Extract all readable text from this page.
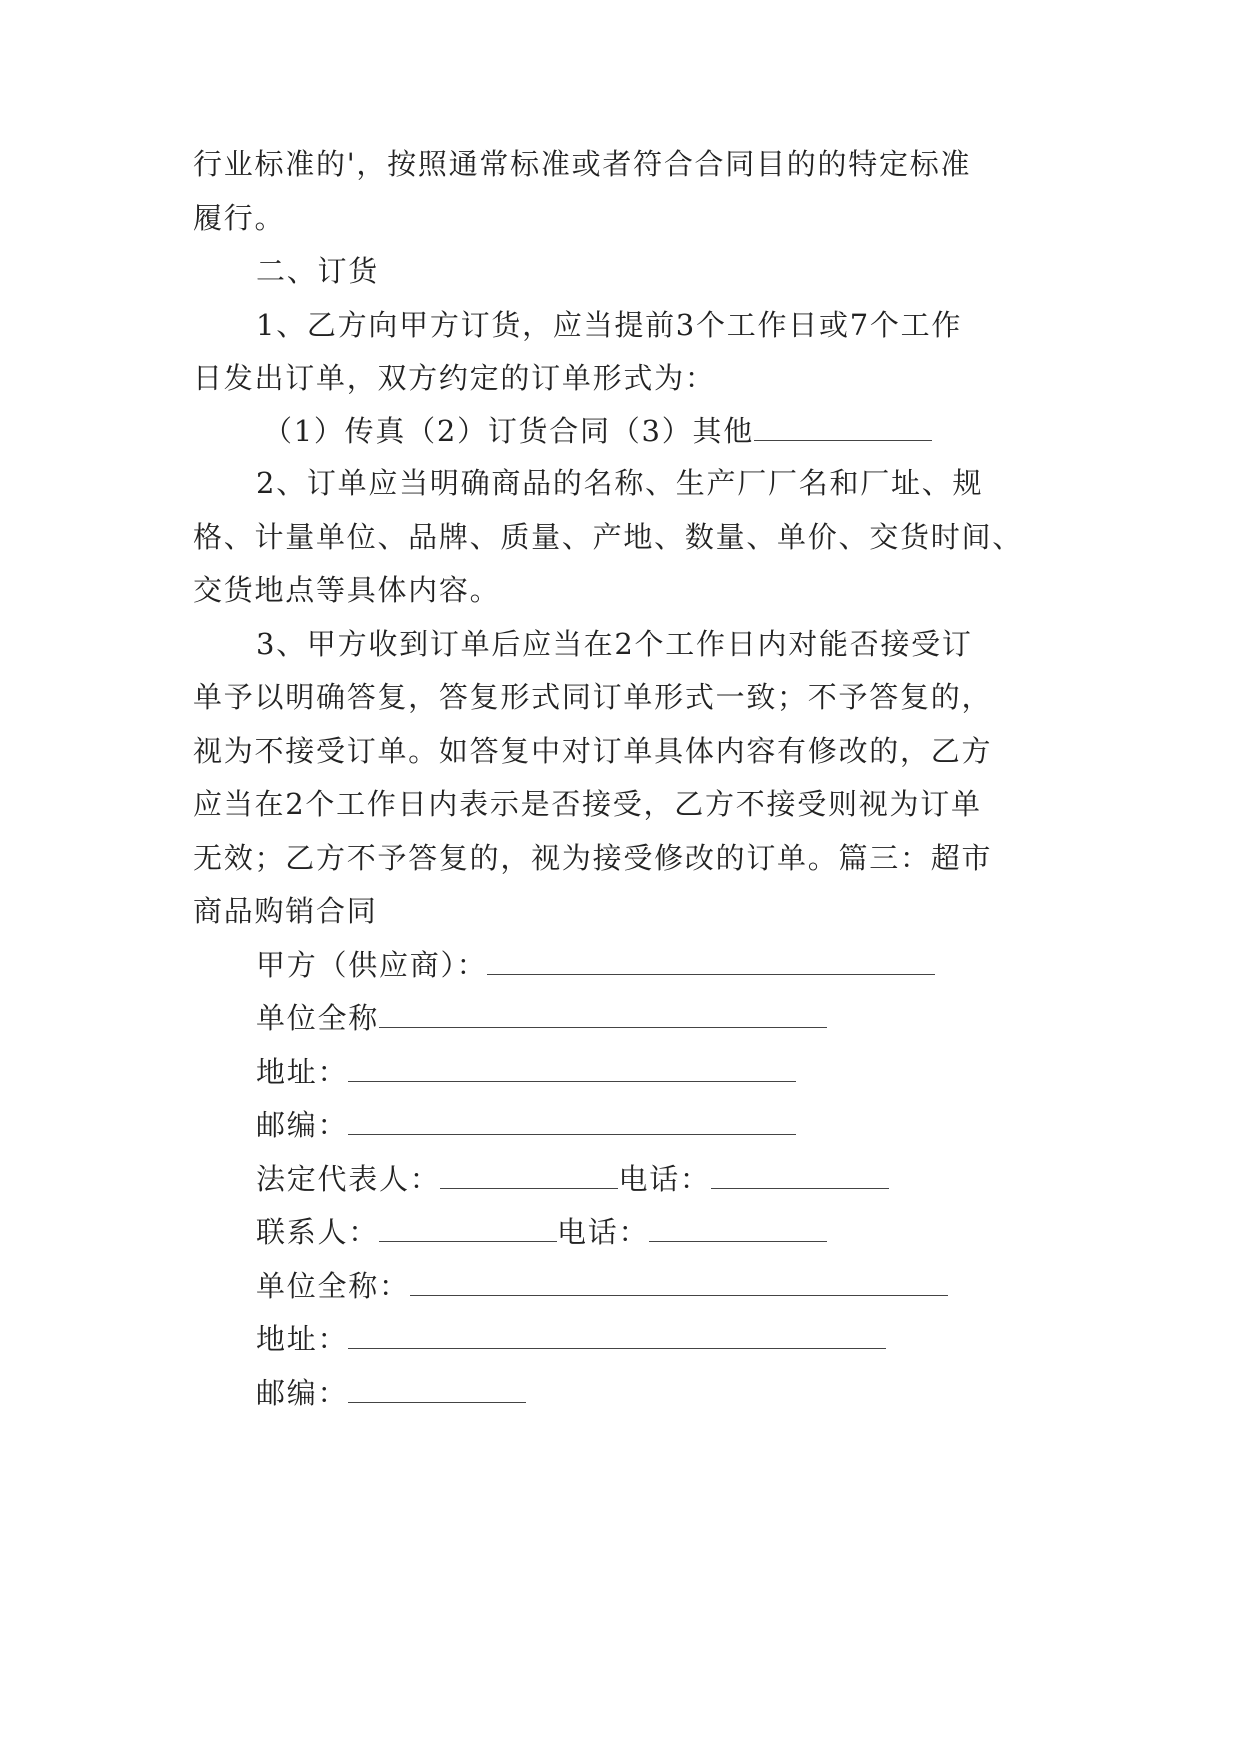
行业标准的'，按照通常标准或者符合合同目的的特定标准
履行。
二、订货
1、乙方向甲方订货，应当提前3个工作日或7个工作
日发出订单，双方约定的订单形式为：
（1）传真（2）订货合同（3）其他
2、订单应当明确商品的名称、生产厂厂名和厂址、规
格、计量单位、品牌、质量、产地、数量、单价、交货时间、
交货地点等具体内容。
3、甲方收到订单后应当在2个工作日内对能否接受订
单予以明确答复，答复形式同订单形式一致；不予答复的，
视为不接受订单。如答复中对订单具体内容有修改的，乙方
应当在2个工作日内表示是否接受，乙方不接受则视为订单
无效；乙方不予答复的，视为接受修改的订单。篇三：超市
商品购销合同
甲方（供应商）：
单位全称
地址：
邮编：
法定代表人：	电话：
联系人：	电话：
单位全称：
地址：
邮编：
